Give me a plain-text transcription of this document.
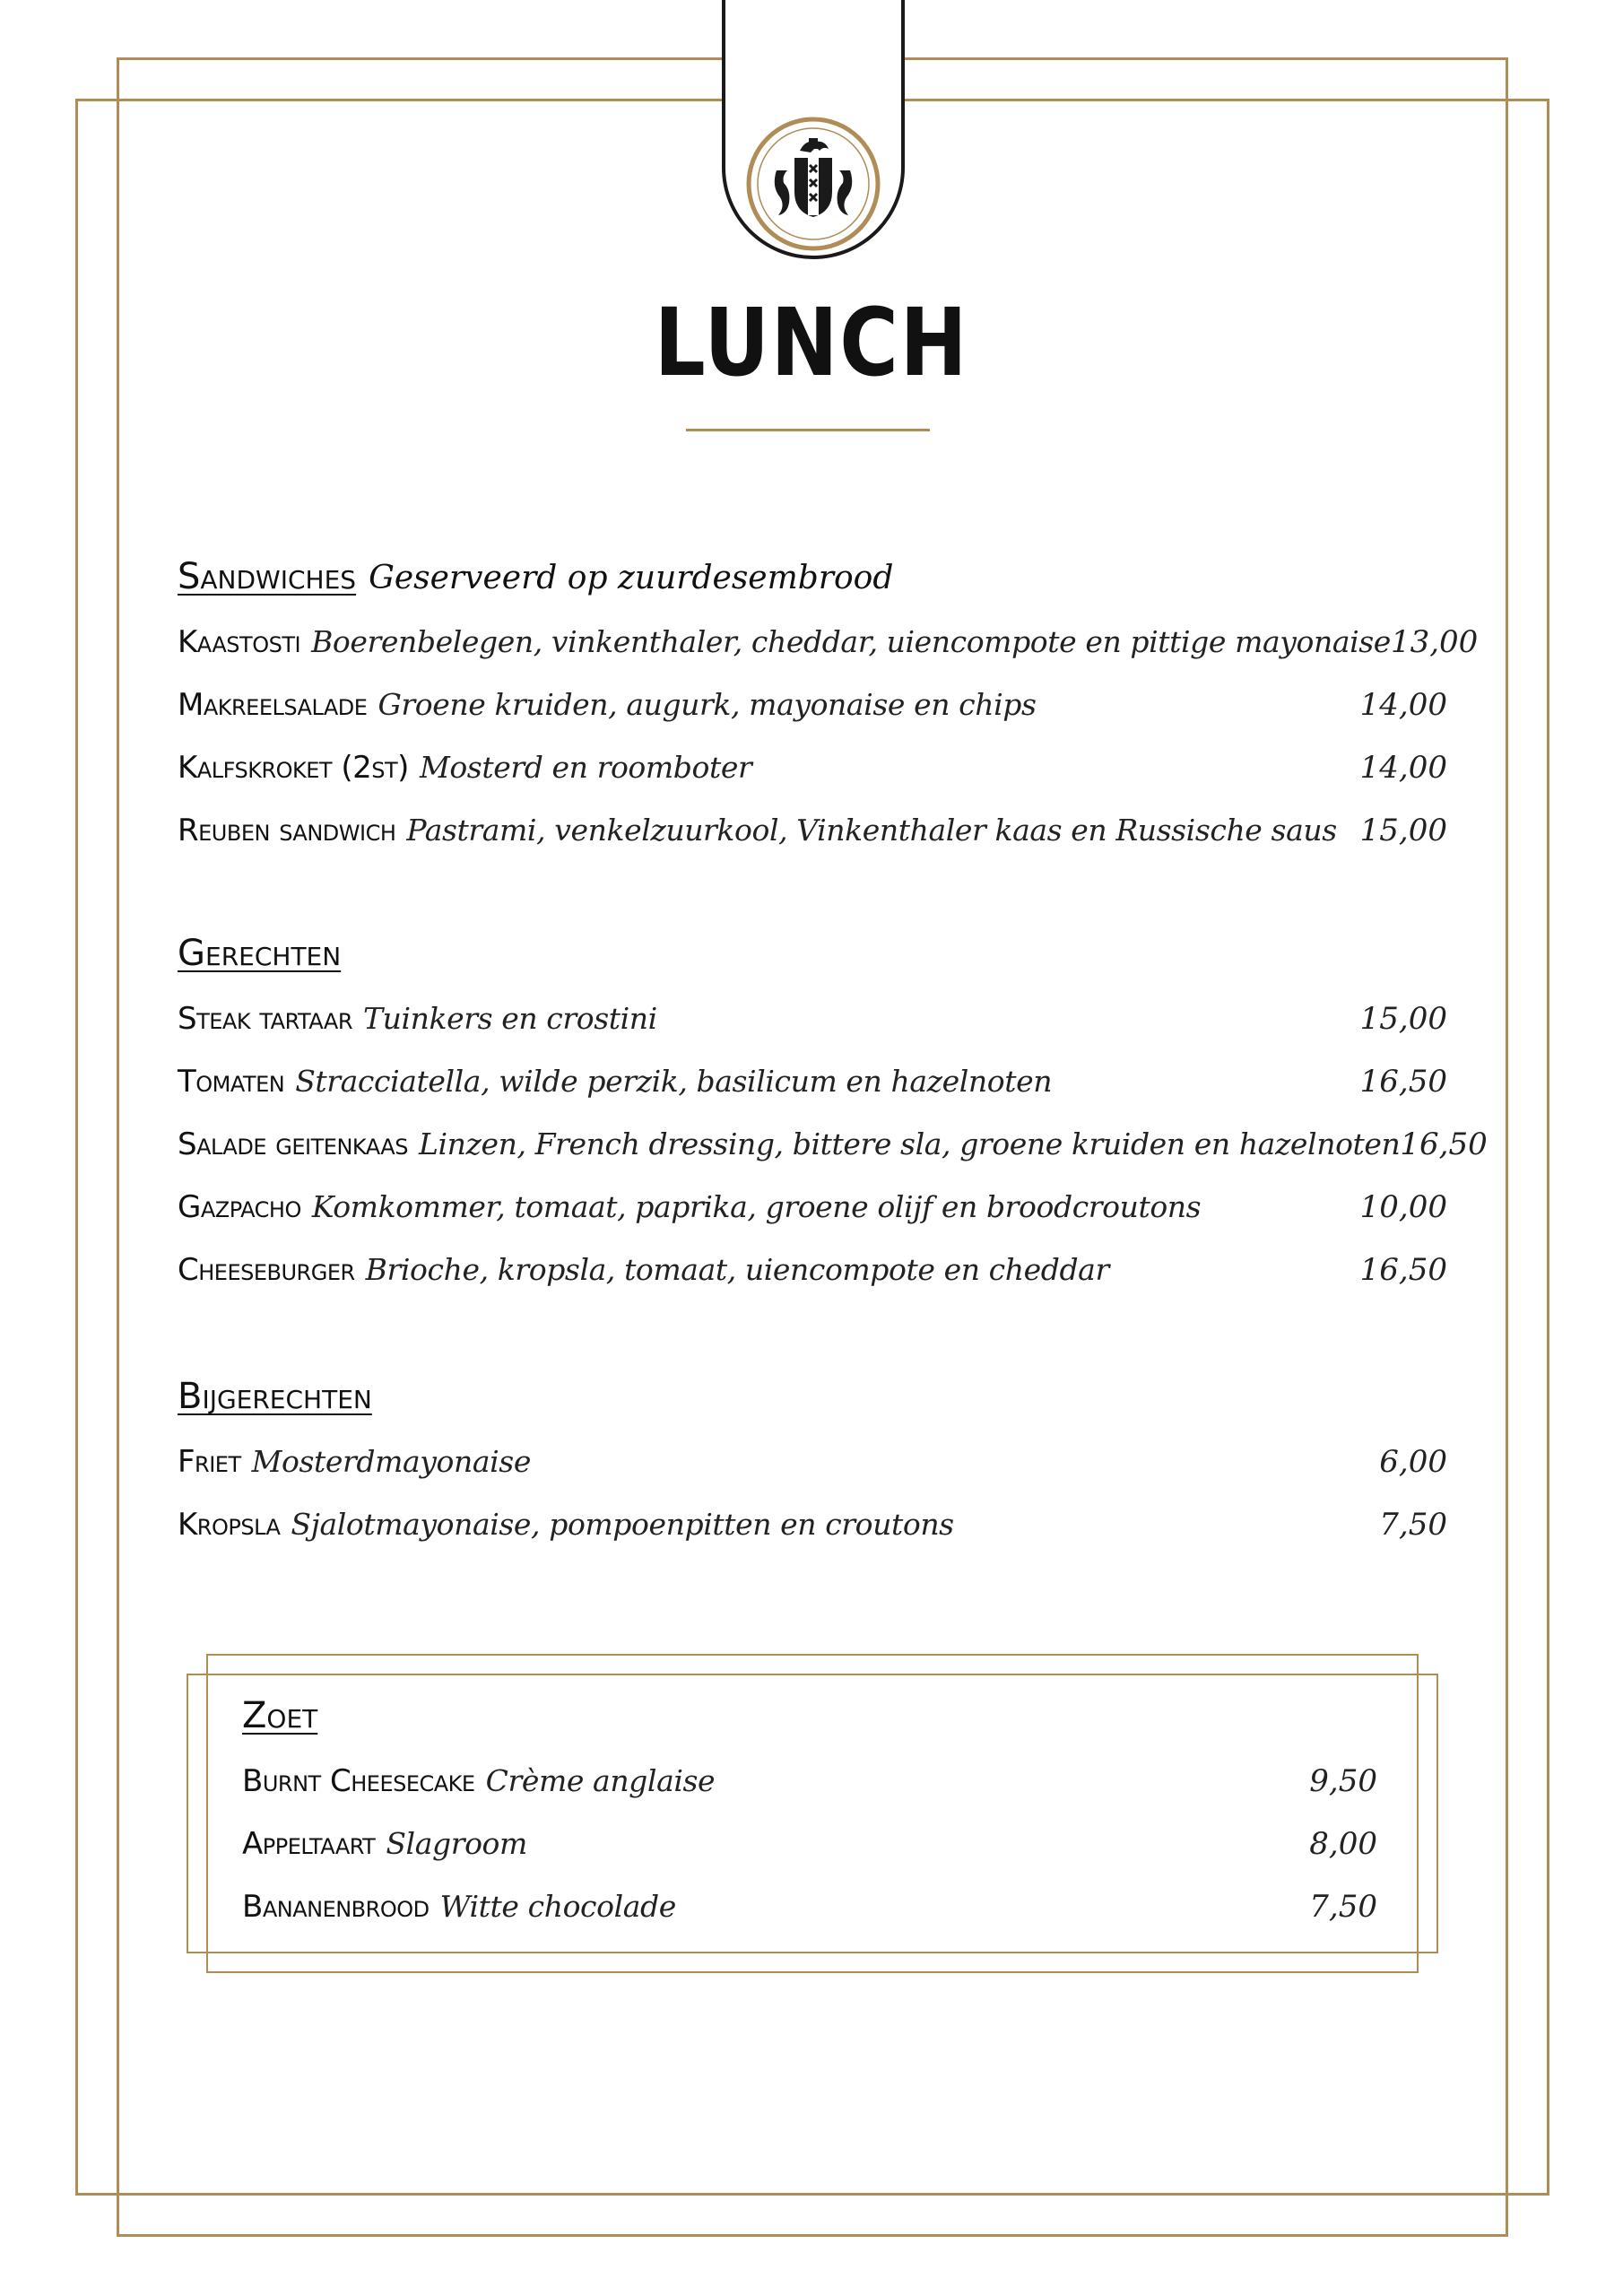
LUNCH
Sandwiches Geserveerd op zuurdesembrood
Kaastosti Boerenbelegen, vinkenthaler, cheddar, uiencompote en pittige mayonaise 13,00
Makreelsalade Groene kruiden, augurk, mayonaise en chips	14,00
Kalfskroket (2st) Mosterd en roomboter	14,00
Reuben sandwich Pastrami, venkelzuurkool, Vinkenthaler kaas en Russische saus 15,00
Gerechten
Steak tartaar Tuinkers en crostini	15,00
Tomaten Stracciatella, wilde perzik, basilicum en hazelnoten	16,50
Salade geitenkaas Linzen, French dressing, bittere sla, groene kruiden en hazelnoten 16,50
Gazpacho Komkommer, tomaat, paprika, groene olijf en broodcroutons	10,00
Cheeseburger Brioche, kropsla, tomaat, uiencompote en cheddar	16,50
Bijgerechten
Friet Mosterdmayonaise	6,00
Kropsla Sjalotmayonaise, pompoenpitten en croutons	7,50
Zoet
Burnt Cheesecake Crème anglaise	9,50
Appeltaart Slagroom	8,00
Bananenbrood Witte chocolade	7,50
